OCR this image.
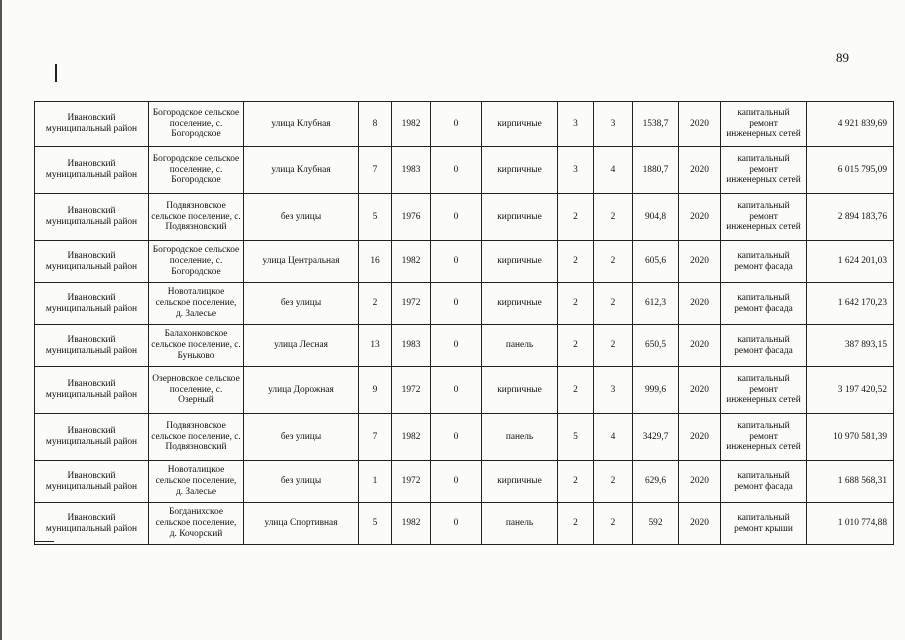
89
Ивановский муниципальный район	Богородское сельское поселение, с. Богородское	улица Клубная	8	1982	0	кирпичные	3	3	1538,7	2020	капитальный ремонт инженерных сетей	4 921 839,69
Ивановский муниципальный район	Богородское сельское поселение, с. Богородское	улица Клубная	7	1983	0	кирпичные	3	4	1880,7	2020	капитальный ремонт инженерных сетей	6 015 795,09
Ивановский муниципальный район	Подвязновское сельское поселение, с. Подвязновский	без улицы	5	1976	0	кирпичные	2	2	904,8	2020	капитальный ремонт инженерных сетей	2 894 183,76
Ивановский муниципальный район	Богородское сельское поселение, с. Богородское	улица Центральная	16	1982	0	кирпичные	2	2	605,6	2020	капитальный ремонт фасада	1 624 201,03
Ивановский муниципальный район	Новоталицкое сельское поселение, д. Залесье	без улицы	2	1972	0	кирпичные	2	2	612,3	2020	капитальный ремонт фасада	1 642 170,23
Ивановский муниципальный район	Балахонковское сельское поселение, с. Буньково	улица Лесная	13	1983	0	панель	2	2	650,5	2020	капитальный ремонт фасада	387 893,15
Ивановский муниципальный район	Озерновское сельское поселение, с. Озерный	улица Дорожная	9	1972	0	кирпичные	2	3	999,6	2020	капитальный ремонт инженерных сетей	3 197 420,52
Ивановский муниципальный район	Подвязновское сельское поселение, с. Подвязновский	без улицы	7	1982	0	панель	5	4	3429,7	2020	капитальный ремонт инженерных сетей	10 970 581,39
Ивановский муниципальный район	Новоталицкое сельское поселение, д. Залесье	без улицы	1	1972	0	кирпичные	2	2	629,6	2020	капитальный ремонт фасада	1 688 568,31
Ивановский муниципальный район	Богданихское сельское поселение, д. Кочорский	улица Спортивная	5	1982	0	панель	2	2	592	2020	капитальный ремонт крыши	1 010 774,88
